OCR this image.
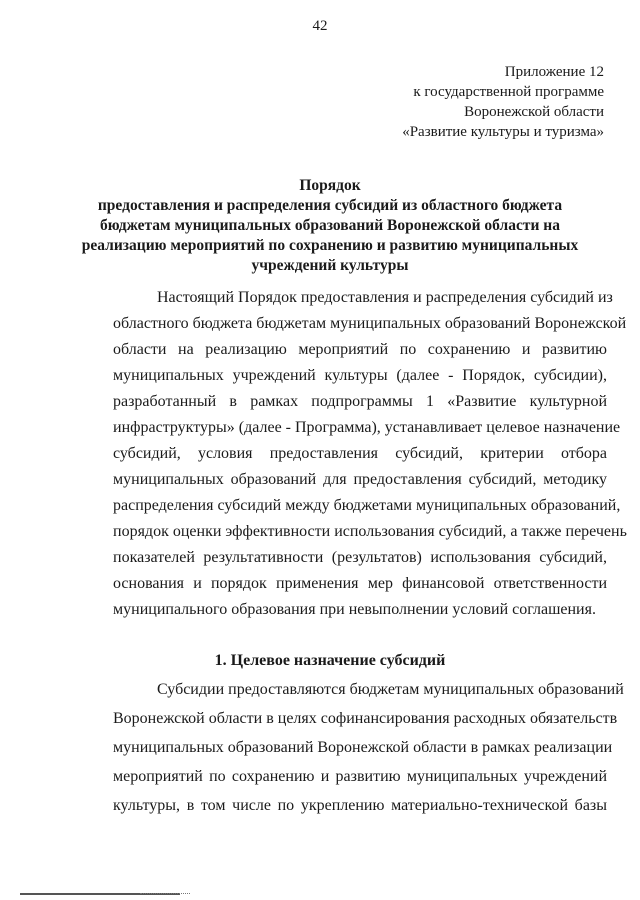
42
Приложение 12
к государственной программе
Воронежской области
«Развитие культуры и туризма»
Порядок
предоставления и распределения субсидий из областного бюджета
бюджетам муниципальных образований Воронежской области на
реализацию мероприятий по сохранению и развитию муниципальных
учреждений культуры
Настоящий Порядок предоставления и распределения субсидий из
областного бюджета бюджетам муниципальных образований Воронежской
области на реализацию мероприятий по сохранению и развитию
муниципальных учреждений культуры (далее - Порядок, субсидии),
разработанный в рамках подпрограммы 1 «Развитие культурной
инфраструктуры» (далее - Программа), устанавливает целевое назначение
субсидий, условия предоставления субсидий, критерии отбора
муниципальных образований для предоставления субсидий, методику
распределения субсидий между бюджетами муниципальных образований,
порядок оценки эффективности использования субсидий, а также перечень
показателей результативности (результатов) использования субсидий,
основания и порядок применения мер финансовой ответственности
муниципального образования при невыполнении условий соглашения.
1. Целевое назначение субсидий
Субсидии предоставляются бюджетам муниципальных образований
Воронежской области в целях софинансирования расходных обязательств
муниципальных образований Воронежской области в рамках реализации
мероприятий по сохранению и развитию муниципальных учреждений
культуры, в том числе по укреплению материально-технической базы
